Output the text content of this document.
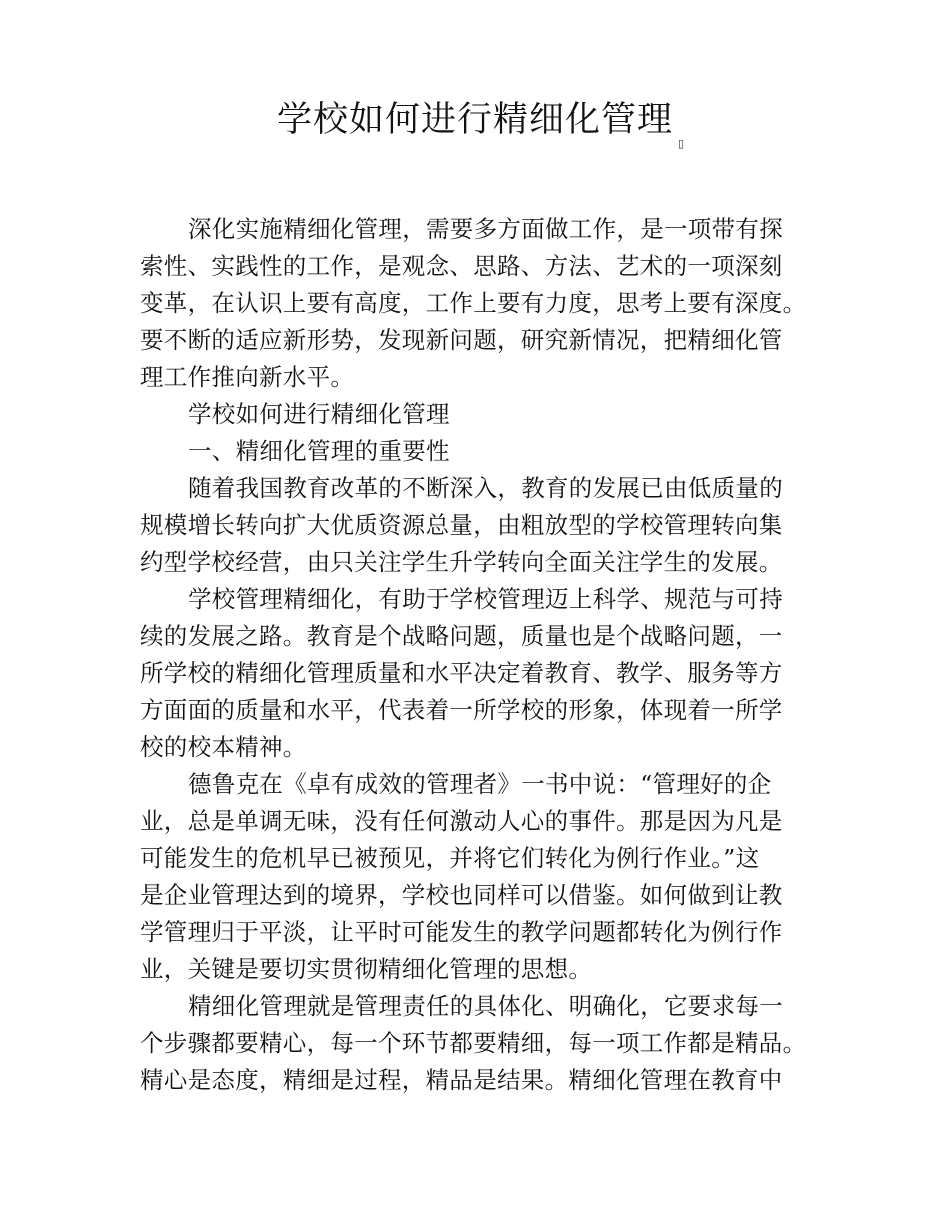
学校如何进行精细化管理
▯

深化实施精细化管理，需要多方面做工作，是一项带有探
索性、实践性的工作，是观念、思路、方法、艺术的一项深刻
变革，在认识上要有高度，工作上要有力度，思考上要有深度。
要不断的适应新形势，发现新问题，研究新情况，把精细化管
理工作推向新水平。

学校如何进行精细化管理

一、精细化管理的重要性

随着我国教育改革的不断深入，教育的发展已由低质量的
规模增长转向扩大优质资源总量，由粗放型的学校管理转向集
约型学校经营，由只关注学生升学转向全面关注学生的发展。

学校管理精细化，有助于学校管理迈上科学、规范与可持
续的发展之路。教育是个战略问题，质量也是个战略问题，一
所学校的精细化管理质量和水平决定着教育、教学、服务等方
方面面的质量和水平，代表着一所学校的形象，体现着一所学
校的校本精神。

德鲁克在《卓有成效的管理者》一书中说：“管理好的企
业，总是单调无味，没有任何激动人心的事件。那是因为凡是
可能发生的危机早已被预见，并将它们转化为例行作业。”这
是企业管理达到的境界，学校也同样可以借鉴。如何做到让教
学管理归于平淡，让平时可能发生的教学问题都转化为例行作
业，关键是要切实贯彻精细化管理的思想。

精细化管理就是管理责任的具体化、明确化，它要求每一
个步骤都要精心，每一个环节都要精细，每一项工作都是精品。
精心是态度，精细是过程，精品是结果。精细化管理在教育中
